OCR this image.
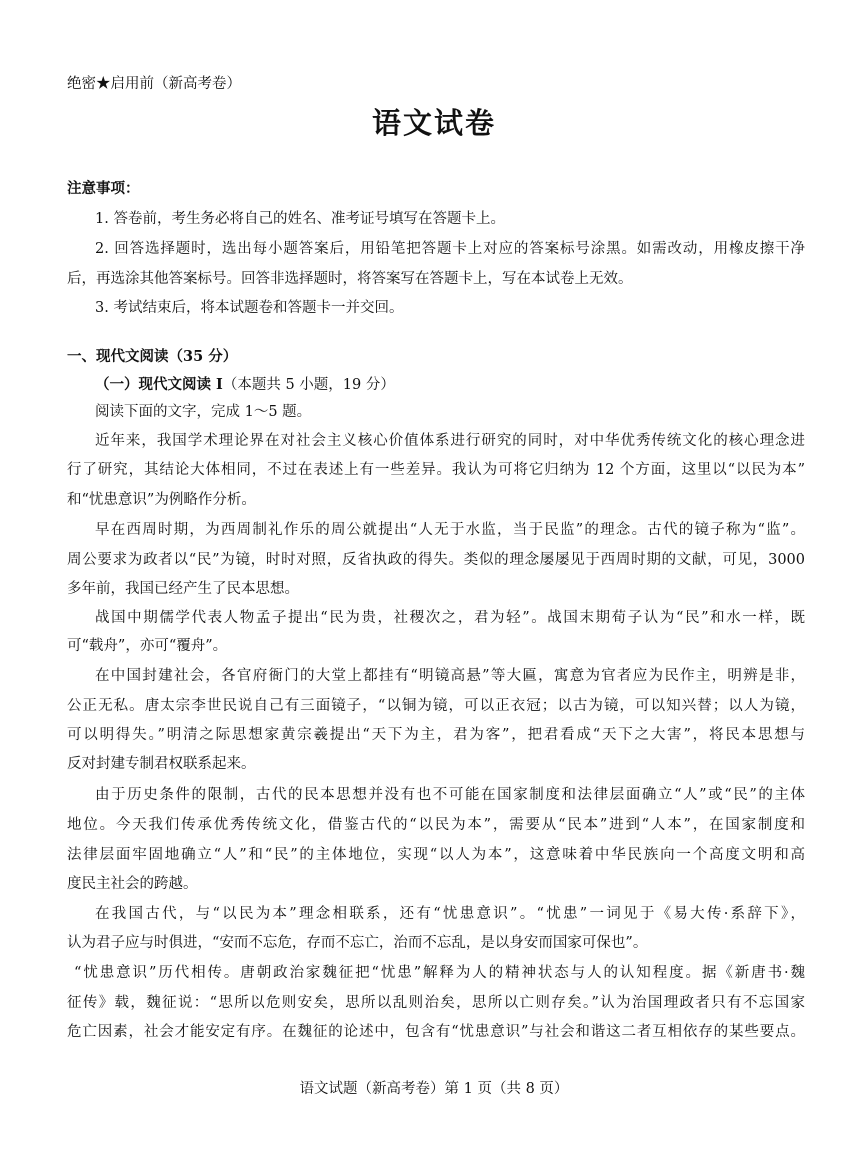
绝密★启用前（新高考卷）
语文试卷
注意事项：
1. 答卷前，考生务必将自己的姓名、准考证号填写在答题卡上。
2. 回答选择题时，选出每小题答案后，用铅笔把答题卡上对应的答案标号涂黑。如需改动，用橡皮擦干净
后，再选涂其他答案标号。回答非选择题时，将答案写在答题卡上，写在本试卷上无效。
3. 考试结束后，将本试题卷和答题卡一并交回。
一、现代文阅读（35 分）
（一）现代文阅读 I（本题共 5 小题，19 分）
阅读下面的文字，完成 1～5 题。
近年来，我国学术理论界在对社会主义核心价值体系进行研究的同时，对中华优秀传统文化的核心理念进
行了研究，其结论大体相同，不过在表述上有一些差异。我认为可将它归纳为 12 个方面，这里以“以民为本”
和“忧患意识”为例略作分析。
早在西周时期，为西周制礼作乐的周公就提出“人无于水监，当于民监”的理念。古代的镜子称为“监”。
周公要求为政者以“民”为镜，时时对照，反省执政的得失。类似的理念屡屡见于西周时期的文献，可见，3000
多年前，我国已经产生了民本思想。
战国中期儒学代表人物孟子提出“民为贵，社稷次之，君为轻”。战国末期荀子认为“民”和水一样，既
可“载舟”，亦可“覆舟”。
在中国封建社会，各官府衙门的大堂上都挂有“明镜高悬”等大匾，寓意为官者应为民作主，明辨是非，
公正无私。唐太宗李世民说自己有三面镜子，“以铜为镜，可以正衣冠；以古为镜，可以知兴替；以人为镜，
可以明得失。”明清之际思想家黄宗羲提出“天下为主，君为客”，把君看成“天下之大害”，将民本思想与
反对封建专制君权联系起来。
由于历史条件的限制，古代的民本思想并没有也不可能在国家制度和法律层面确立“人”或“民”的主体
地位。今天我们传承优秀传统文化，借鉴古代的“以民为本”，需要从“民本”进到“人本”，在国家制度和
法律层面牢固地确立“人”和“民”的主体地位，实现“以人为本”，这意味着中华民族向一个高度文明和高
度民主社会的跨越。
在我国古代，与“以民为本”理念相联系，还有“忧患意识”。“忧患”一词见于《易大传·系辞下》，
认为君子应与时俱进，“安而不忘危，存而不忘亡，治而不忘乱，是以身安而国家可保也”。
“忧患意识”历代相传。唐朝政治家魏征把“忧患”解释为人的精神状态与人的认知程度。据《新唐书·魏
征传》载，魏征说：“思所以危则安矣，思所以乱则治矣，思所以亡则存矣。”认为治国理政者只有不忘国家
危亡因素，社会才能安定有序。在魏征的论述中，包含有“忧患意识”与社会和谐这二者互相依存的某些要点。
语文试题（新高考卷）第 1 页（共 8 页）
